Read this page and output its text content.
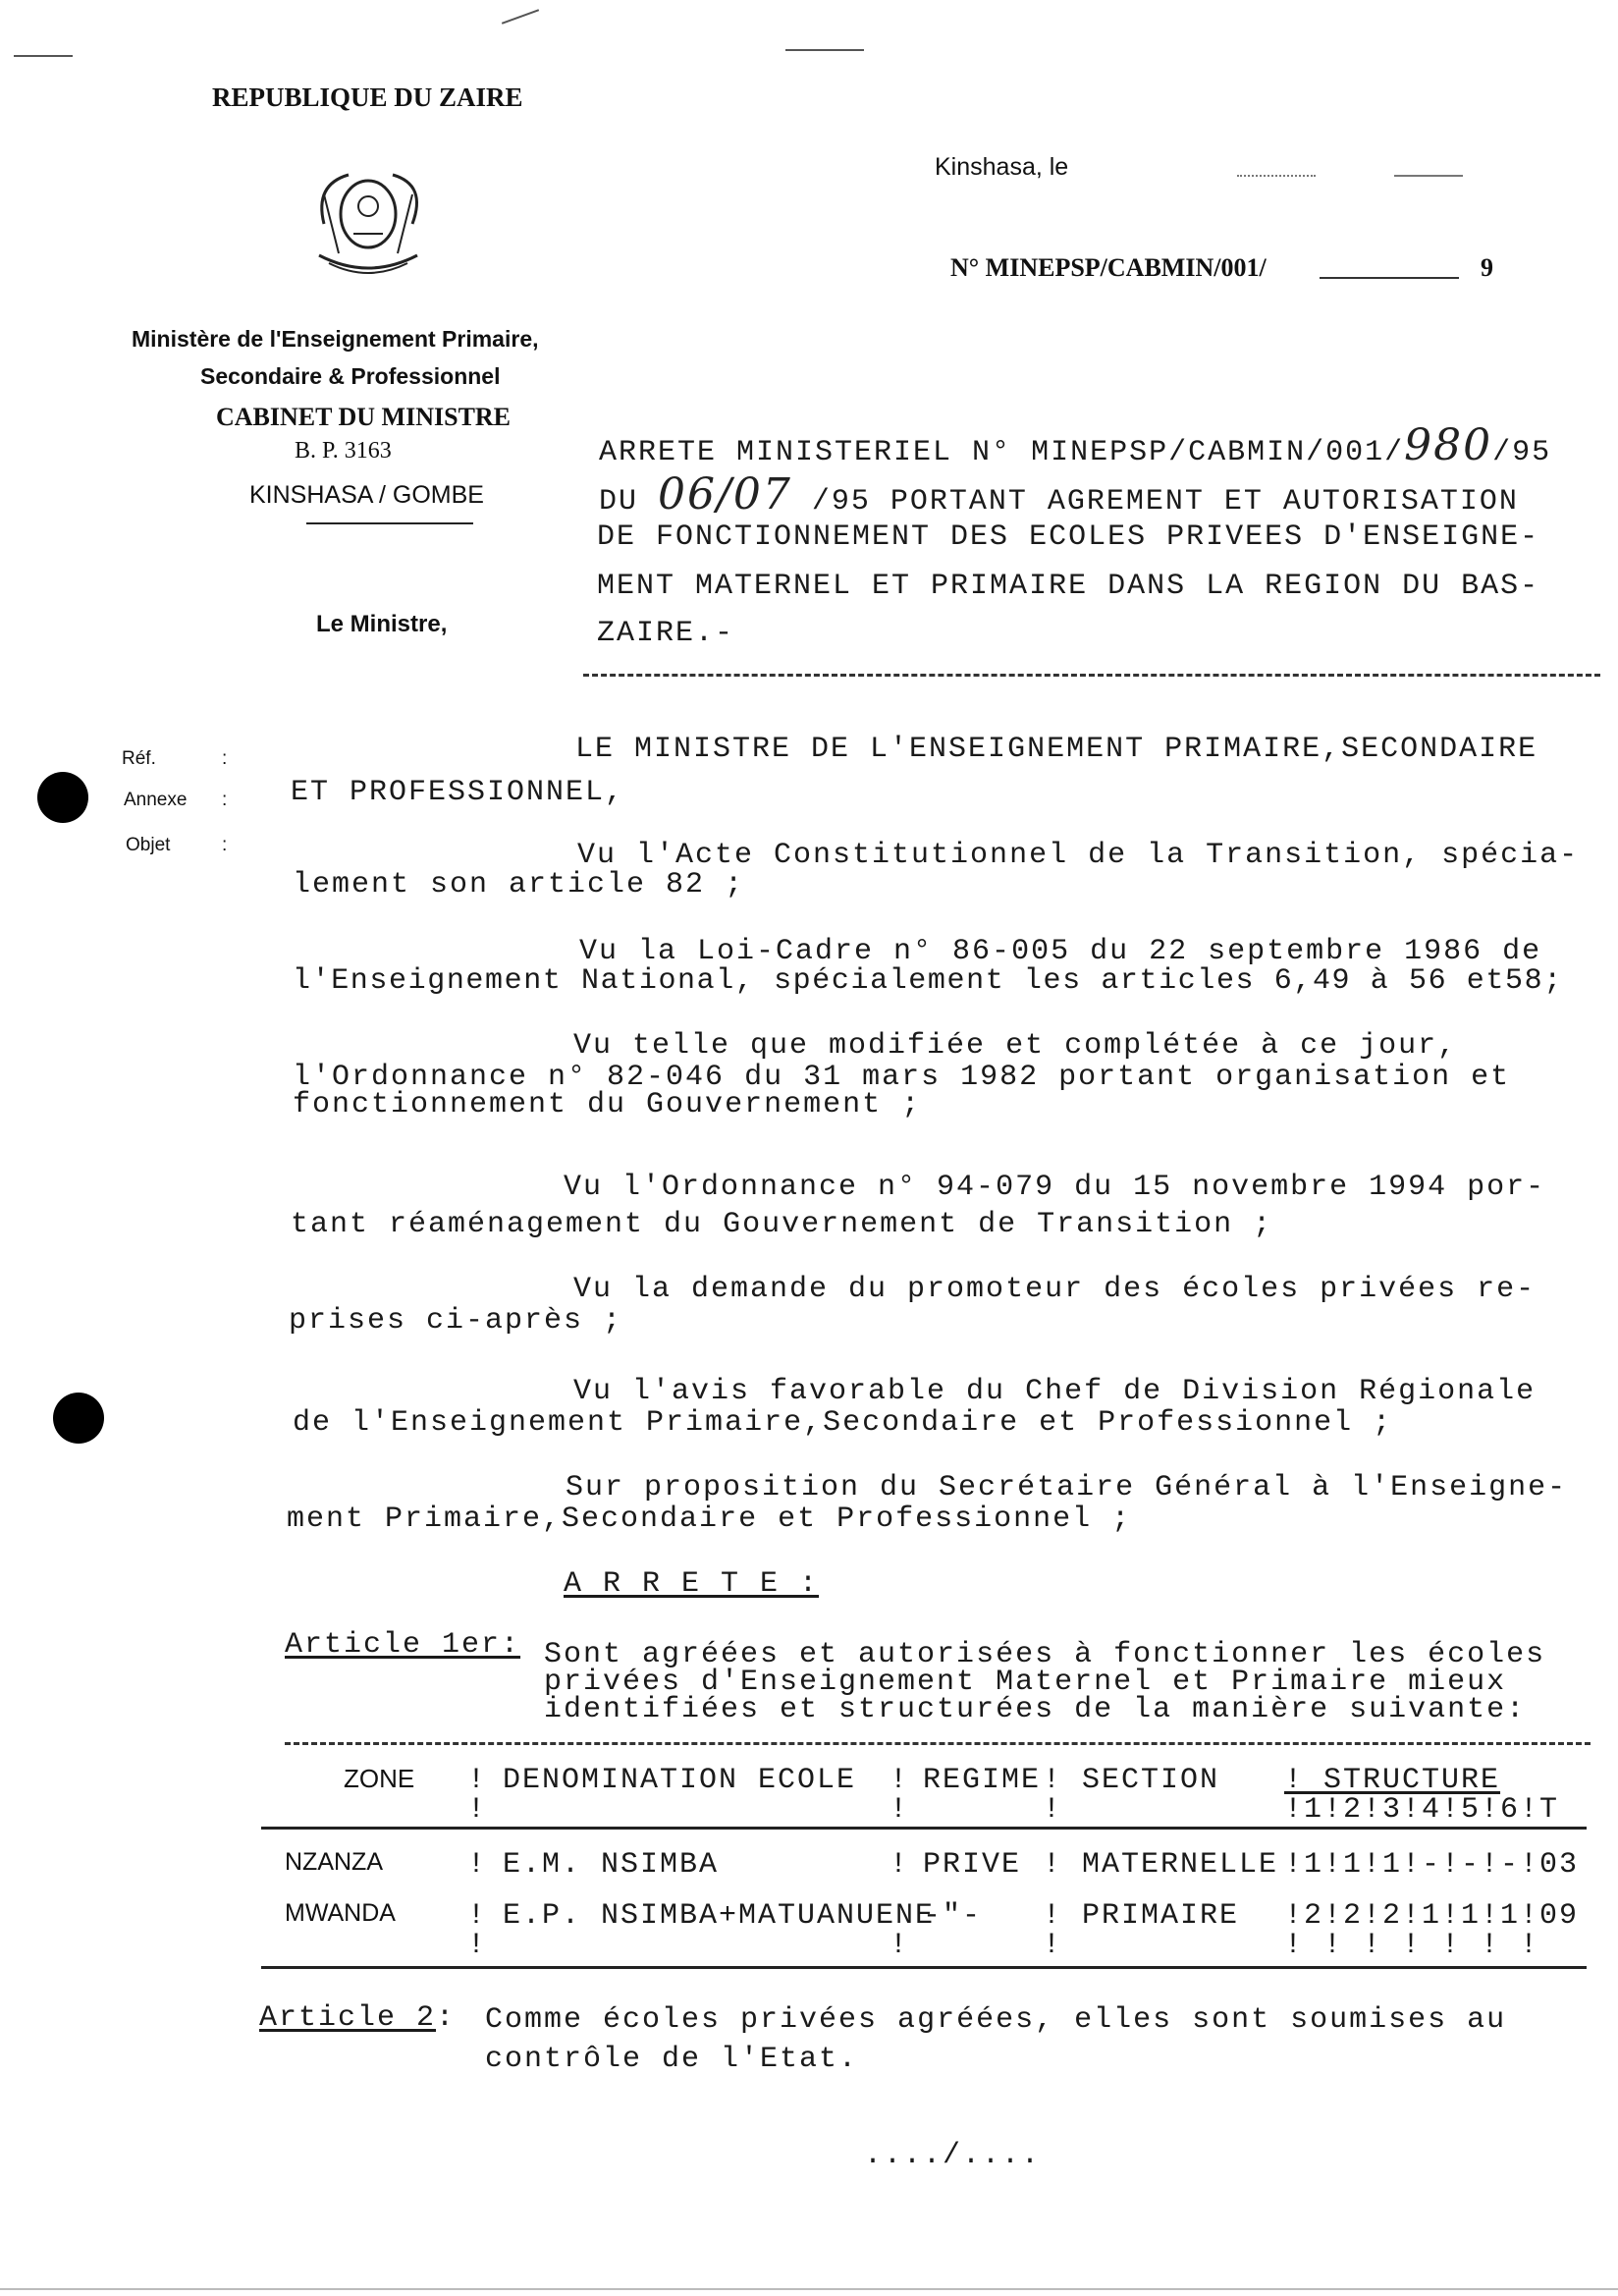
REPUBLIQUE DU ZAIRE
Kinshasa, le
N° MINEPSP/CABMIN/001/	9
Ministère de l'Enseignement Primaire,
Secondaire & Professionnel
CABINET DU MINISTRE
B. P. 3163
KINSHASA / GOMBE
Le Ministre,
ARRETE MINISTERIEL N° MINEPSP/CABMIN/001/980/95
DU 06/07 /95 PORTANT AGREMENT ET AUTORISATION
DE FONCTIONNEMENT DES ECOLES PRIVEES D'ENSEIGNE-
MENT MATERNEL ET PRIMAIRE DANS LA REGION DU BAS-
ZAIRE.-
Réf.	:
Annexe :
Objet	:
LE MINISTRE DE L'ENSEIGNEMENT PRIMAIRE,SECONDAIRE
ET PROFESSIONNEL,
Vu l'Acte Constitutionnel de la Transition, spécia-
lement son article 82 ;
Vu la Loi-Cadre n° 86-005 du 22 septembre 1986 de
l'Enseignement National, spécialement les articles 6,49 à 56 et58;
Vu telle que modifiée et complétée à ce jour,
l'Ordonnance n° 82-046 du 31 mars 1982 portant organisation et
fonctionnement du Gouvernement ;
Vu l'Ordonnance n° 94-079 du 15 novembre 1994 por-
tant réaménagement du Gouvernement de Transition ;
Vu la demande du promoteur des écoles privées re-
prises ci-après ;
Vu l'avis favorable du Chef de Division Régionale
de l'Enseignement Primaire,Secondaire et Professionnel ;
Sur proposition du Secrétaire Général à l'Enseigne-
ment Primaire,Secondaire et Professionnel ;
A R R E T E :
Article 1er: Sont agréées et autorisées à fonctionner les écoles
privées d'Enseignement Maternel et Primaire mieux
identifiées et structurées de la manière suivante:
ZONE ! DENOMINATION ECOLE ! REGIME ! SECTION ! STRUCTURE
!	!	!	!1!2!3!4!5!6!T
NZANZA	! E.M. NSIMBA	! PRIVE ! MATERNELLE !1!1!1!-!-!-!03
MWANDA ! E.P. NSIMBA+MATUANUENE
-"- ! PRIMAIRE !2!2!2!1!1!1!09
!	!	!	! ! ! ! ! ! !
Article 2: Comme écoles privées agréées, elles sont soumises au
contrôle de l'Etat.
..../....
